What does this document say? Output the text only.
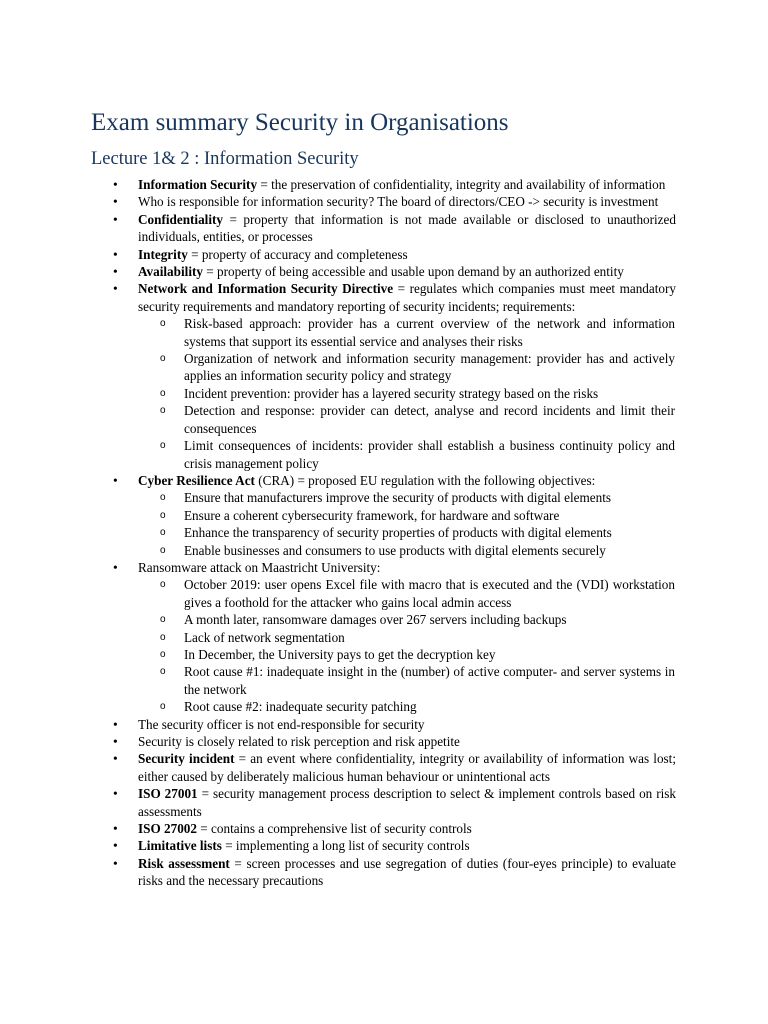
Exam summary Security in Organisations
Lecture 1& 2 : Information Security
• Information Security = the preservation of confidentiality, integrity and availability of information
• Who is responsible for information security? The board of directors/CEO -> security is investment
• Confidentiality = property that information is not made available or disclosed to unauthorized individuals, entities, or processes
• Integrity = property of accuracy and completeness
• Availability = property of being accessible and usable upon demand by an authorized entity
• Network and Information Security Directive = regulates which companies must meet mandatory security requirements and mandatory reporting of security incidents; requirements:
o Risk-based approach: provider has a current overview of the network and information systems that support its essential service and analyses their risks
o Organization of network and information security management: provider has and actively applies an information security policy and strategy
o Incident prevention: provider has a layered security strategy based on the risks
o Detection and response: provider can detect, analyse and record incidents and limit their consequences
o Limit consequences of incidents: provider shall establish a business continuity policy and crisis management policy
• Cyber Resilience Act (CRA) = proposed EU regulation with the following objectives:
o Ensure that manufacturers improve the security of products with digital elements
o Ensure a coherent cybersecurity framework, for hardware and software
o Enhance the transparency of security properties of products with digital elements
o Enable businesses and consumers to use products with digital elements securely
• Ransomware attack on Maastricht University:
o October 2019: user opens Excel file with macro that is executed and the (VDI) workstation gives a foothold for the attacker who gains local admin access
o A month later, ransomware damages over 267 servers including backups
o Lack of network segmentation
o In December, the University pays to get the decryption key
o Root cause #1: inadequate insight in the (number) of active computer- and server systems in the network
o Root cause #2: inadequate security patching
• The security officer is not end-responsible for security
• Security is closely related to risk perception and risk appetite
• Security incident = an event where confidentiality, integrity or availability of information was lost; either caused by deliberately malicious human behaviour or unintentional acts
• ISO 27001 = security management process description to select & implement controls based on risk assessments
• ISO 27002 = contains a comprehensive list of security controls
• Limitative lists = implementing a long list of security controls
• Risk assessment = screen processes and use segregation of duties (four-eyes principle) to evaluate risks and the necessary precautions
